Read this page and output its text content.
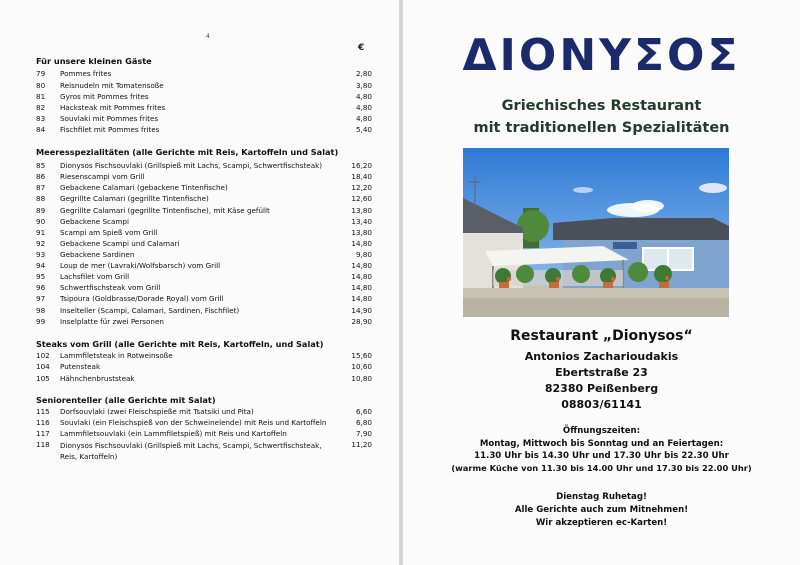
4
€
Für unsere kleinen Gäste
79 Pommes frites	2,80
80 Reisnudeln mit Tomatensoße	3,80
81 Gyros mit Pommes frites	4,80
82 Hacksteak mit Pommes frites	4,80
83 Souvlaki mit Pommes frites	4,80
84 Fischfilet mit Pommes frites	5,40
Meeresspezialitäten (alle Gerichte mit Reis, Kartoffeln und Salat)
85 Dionysos Fischsouvlaki (Grillspieß mit Lachs, Scampi, Schwertfischsteak)	16,20
86 Riesenscampi vom Grill	18,40
87 Gebackene Calamari (gebackene Tintenfische)	12,20
88 Gegrillte Calamari (gegrillte Tintenfische)	12,60
89 Gegrillte Calamari (gegrillte Tintenfische), mit Käse gefüllt	13,80
90 Gebackene Scampi	13,40
91 Scampi am Spieß vom Grill	13,80
92 Gebackene Scampi und Calamari	14,80
93 Gebackene Sardinen	9,80
94 Loup de mer (Lavraki/Wolfsbarsch) vom Grill	14,80
95 Lachsfilet vom Grill	14,80
96 Schwertfischsteak vom Grill	14,80
97 Tsipoura (Goldbrasse/Dorade Royal) vom Grill	14,80
98 Inselteller (Scampi, Calamari, Sardinen, Fischfilet)	14,90
99 Inselplatte für zwei Personen	28,90
Steaks vom Grill (alle Gerichte mit Reis, Kartoffeln, und Salat)
102 Lammfiletsteak in Rotweinsoße	15,60
104 Putensteak	10,60
105 Hähnchenbruststeak	10,80
Seniorenteller (alle Gerichte mit Salat)
115 Dorfsouvlaki (zwei Fleischspieße mit Tsatsiki und Pita)	6,60
116 Souvlaki (ein Fleischspieß von der Schweinelende) mit Reis und Kartoffeln	6,80
117 Lammfiletsouvlaki (ein Lammfiletspieß) mit Reis und Kartoffeln	7,90
118 Dionysos Fischsouvlaki (Grillspieß mit Lachs, Scampi, Schwertfischsteak, Reis, Kartoffeln)
11,20
ΔΙΟΝΥΣΟΣ
Griechisches Restaurant
mit traditionellen Spezialitäten
Restaurant „Dionysos“
Antonios Zacharioudakis
Ebertstraße 23
82380 Peißenberg
08803/61141
Öffnungszeiten:
Montag, Mittwoch bis Sonntag und an Feiertagen:
11.30 Uhr bis 14.30 Uhr und 17.30 Uhr bis 22.30 Uhr
(warme Küche von 11.30 bis 14.00 Uhr und 17.30 bis 22.00 Uhr)
Dienstag Ruhetag!
Alle Gerichte auch zum Mitnehmen!
Wir akzeptieren ec-Karten!
